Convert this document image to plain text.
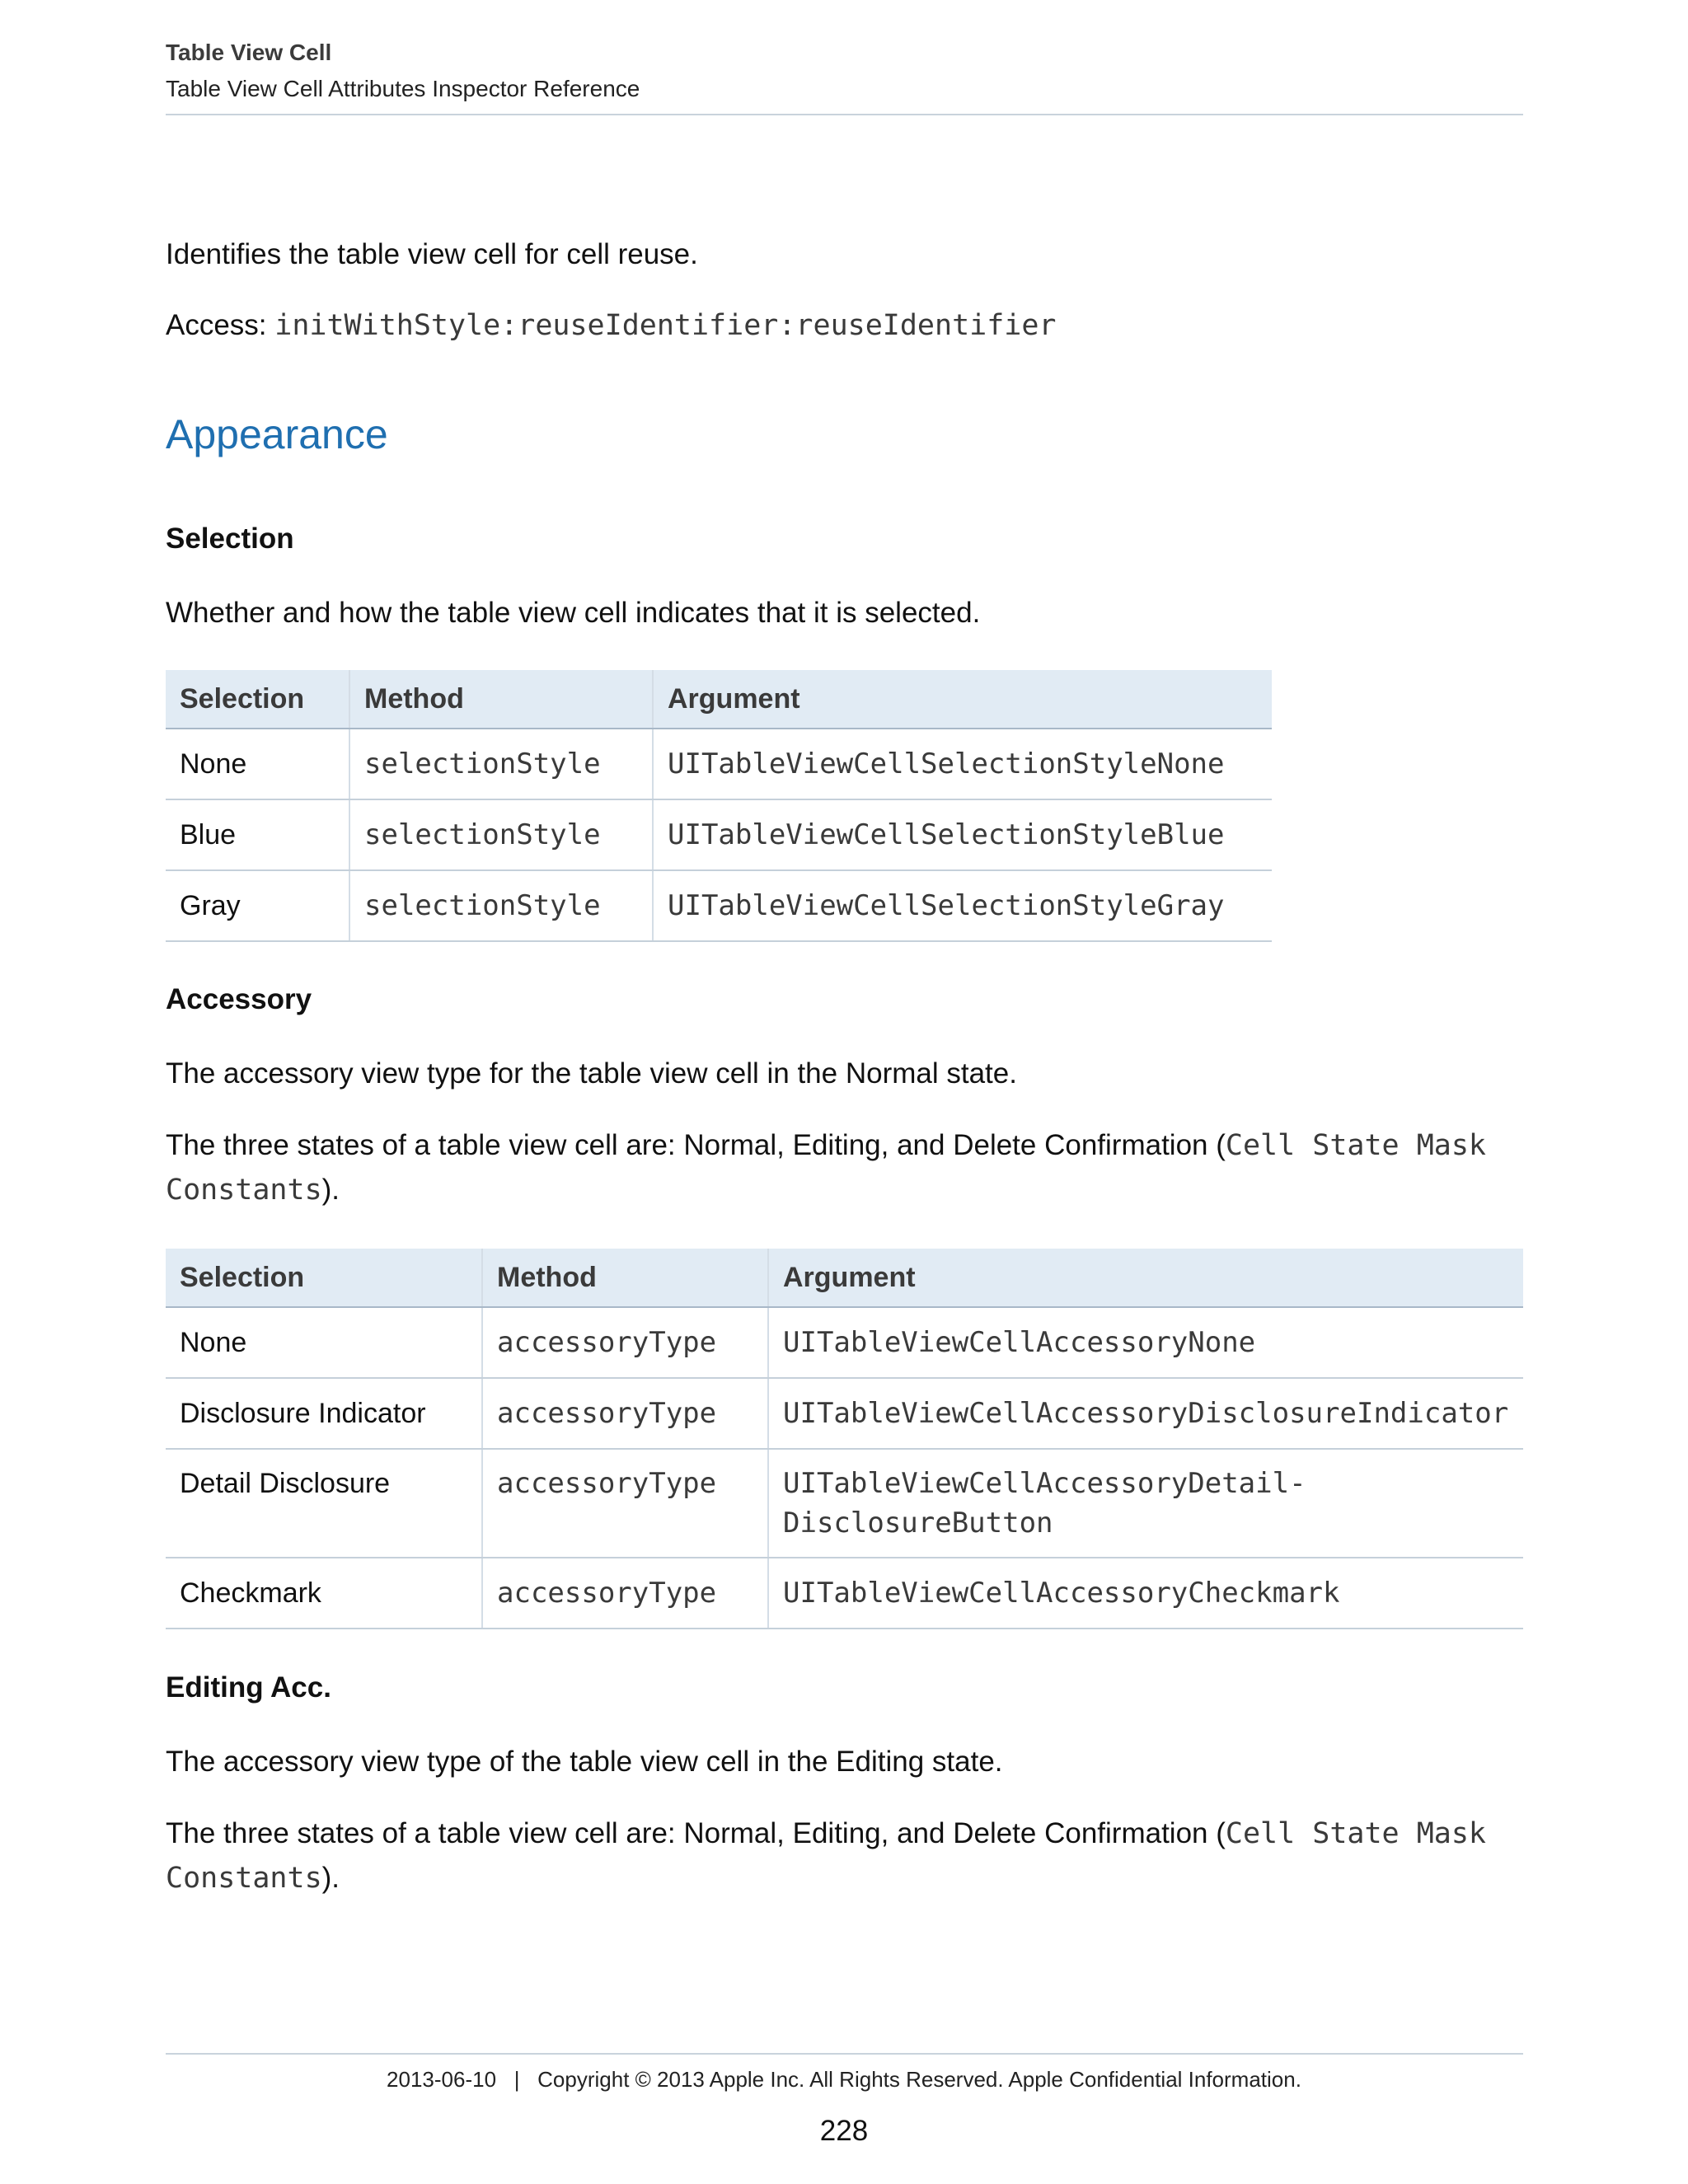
Table View Cell
Table View Cell Attributes Inspector Reference
Identifies the table view cell for cell reuse.
Access: initWithStyle:reuseIdentifier:reuseIdentifier
Appearance
Selection
Whether and how the table view cell indicates that it is selected.
Selection	Method	Argument
None	selectionStyle	UITableViewCellSelectionStyleNone
Blue	selectionStyle	UITableViewCellSelectionStyleBlue
Gray	selectionStyle	UITableViewCellSelectionStyleGray
Accessory
The accessory view type for the table view cell in the Normal state.
The three states of a table view cell are: Normal, Editing, and Delete Confirmation (Cell State Mask
Constants).
Selection	Method	Argument
None	accessoryType	UITableViewCellAccessoryNone
Disclosure Indicator	accessoryType	UITableViewCellAccessoryDisclosureIndicator
Detail Disclosure	accessoryType	UITableViewCellAccessoryDetail-
DisclosureButton
Checkmark	accessoryType	UITableViewCellAccessoryCheckmark
Editing Acc.
The accessory view type of the table view cell in the Editing state.
The three states of a table view cell are: Normal, Editing, and Delete Confirmation (Cell State Mask
Constants).
2013-06-10   |   Copyright © 2013 Apple Inc. All Rights Reserved. Apple Confidential Information.
228
